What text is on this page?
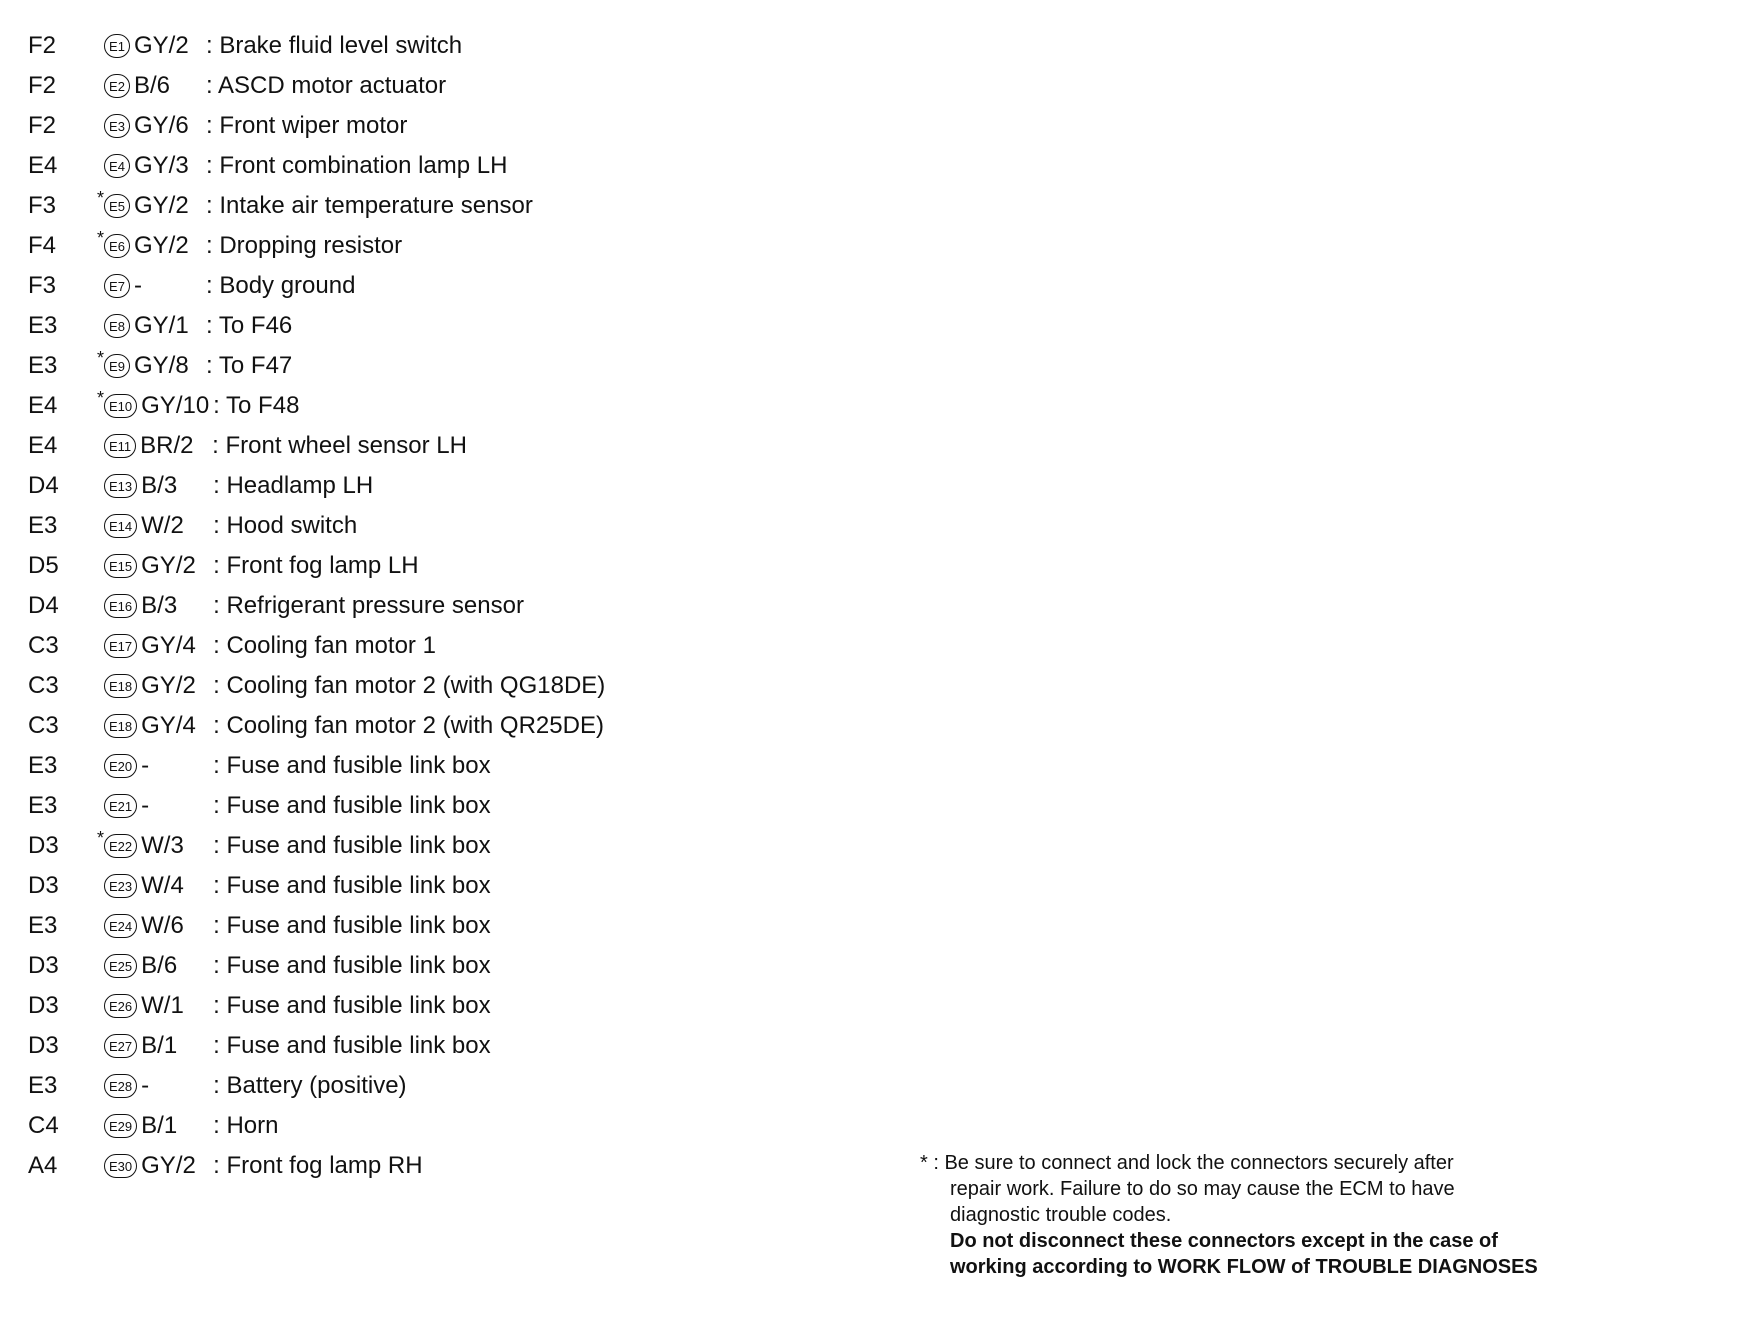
F2	E1 GY/2 : Brake fluid level switch
F2	E2 B/6	: ASCD motor actuator
F2	E3 GY/6 : Front wiper motor
E4	E4 GY/3 : Front combination lamp LH
F3	* E5 GY/2 : Intake air temperature sensor
F4	* E6 GY/2 : Dropping resistor
F3	E7 -	: Body ground
E3	E8 GY/1 : To F46
E3	* E9 GY/8 : To F47
E4	* E10 GY/10 : To F48
E4	E11 BR/2 : Front wheel sensor LH
D4	E13 B/3	: Headlamp LH
E3	E14 W/2	: Hood switch
D5	E15 GY/2 : Front fog lamp LH
D4	E16 B/3	: Refrigerant pressure sensor
C3	E17 GY/4 : Cooling fan motor 1
C3	E18 GY/2 : Cooling fan motor 2 (with QG18DE)
C3	E18 GY/4 : Cooling fan motor 2 (with QR25DE)
E3	E20 -	: Fuse and fusible link box
E3	E21 -	: Fuse and fusible link box
D3	* E22 W/3	: Fuse and fusible link box
D3	E23 W/4	: Fuse and fusible link box
E3	E24 W/6	: Fuse and fusible link box
D3	E25 B/6	: Fuse and fusible link box
D3	E26 W/1	: Fuse and fusible link box
D3	E27 B/1	: Fuse and fusible link box
E3	E28 -	: Battery (positive)
C4	E29 B/1	: Horn
A4	E30 GY/2 : Front fog lamp RH	* : Be sure to connect and lock the connectors securely after
repair work. Failure to do so may cause the ECM to have
diagnostic trouble codes.
Do not disconnect these connectors except in the case of
working according to WORK FLOW of TROUBLE DIAGNOSES
